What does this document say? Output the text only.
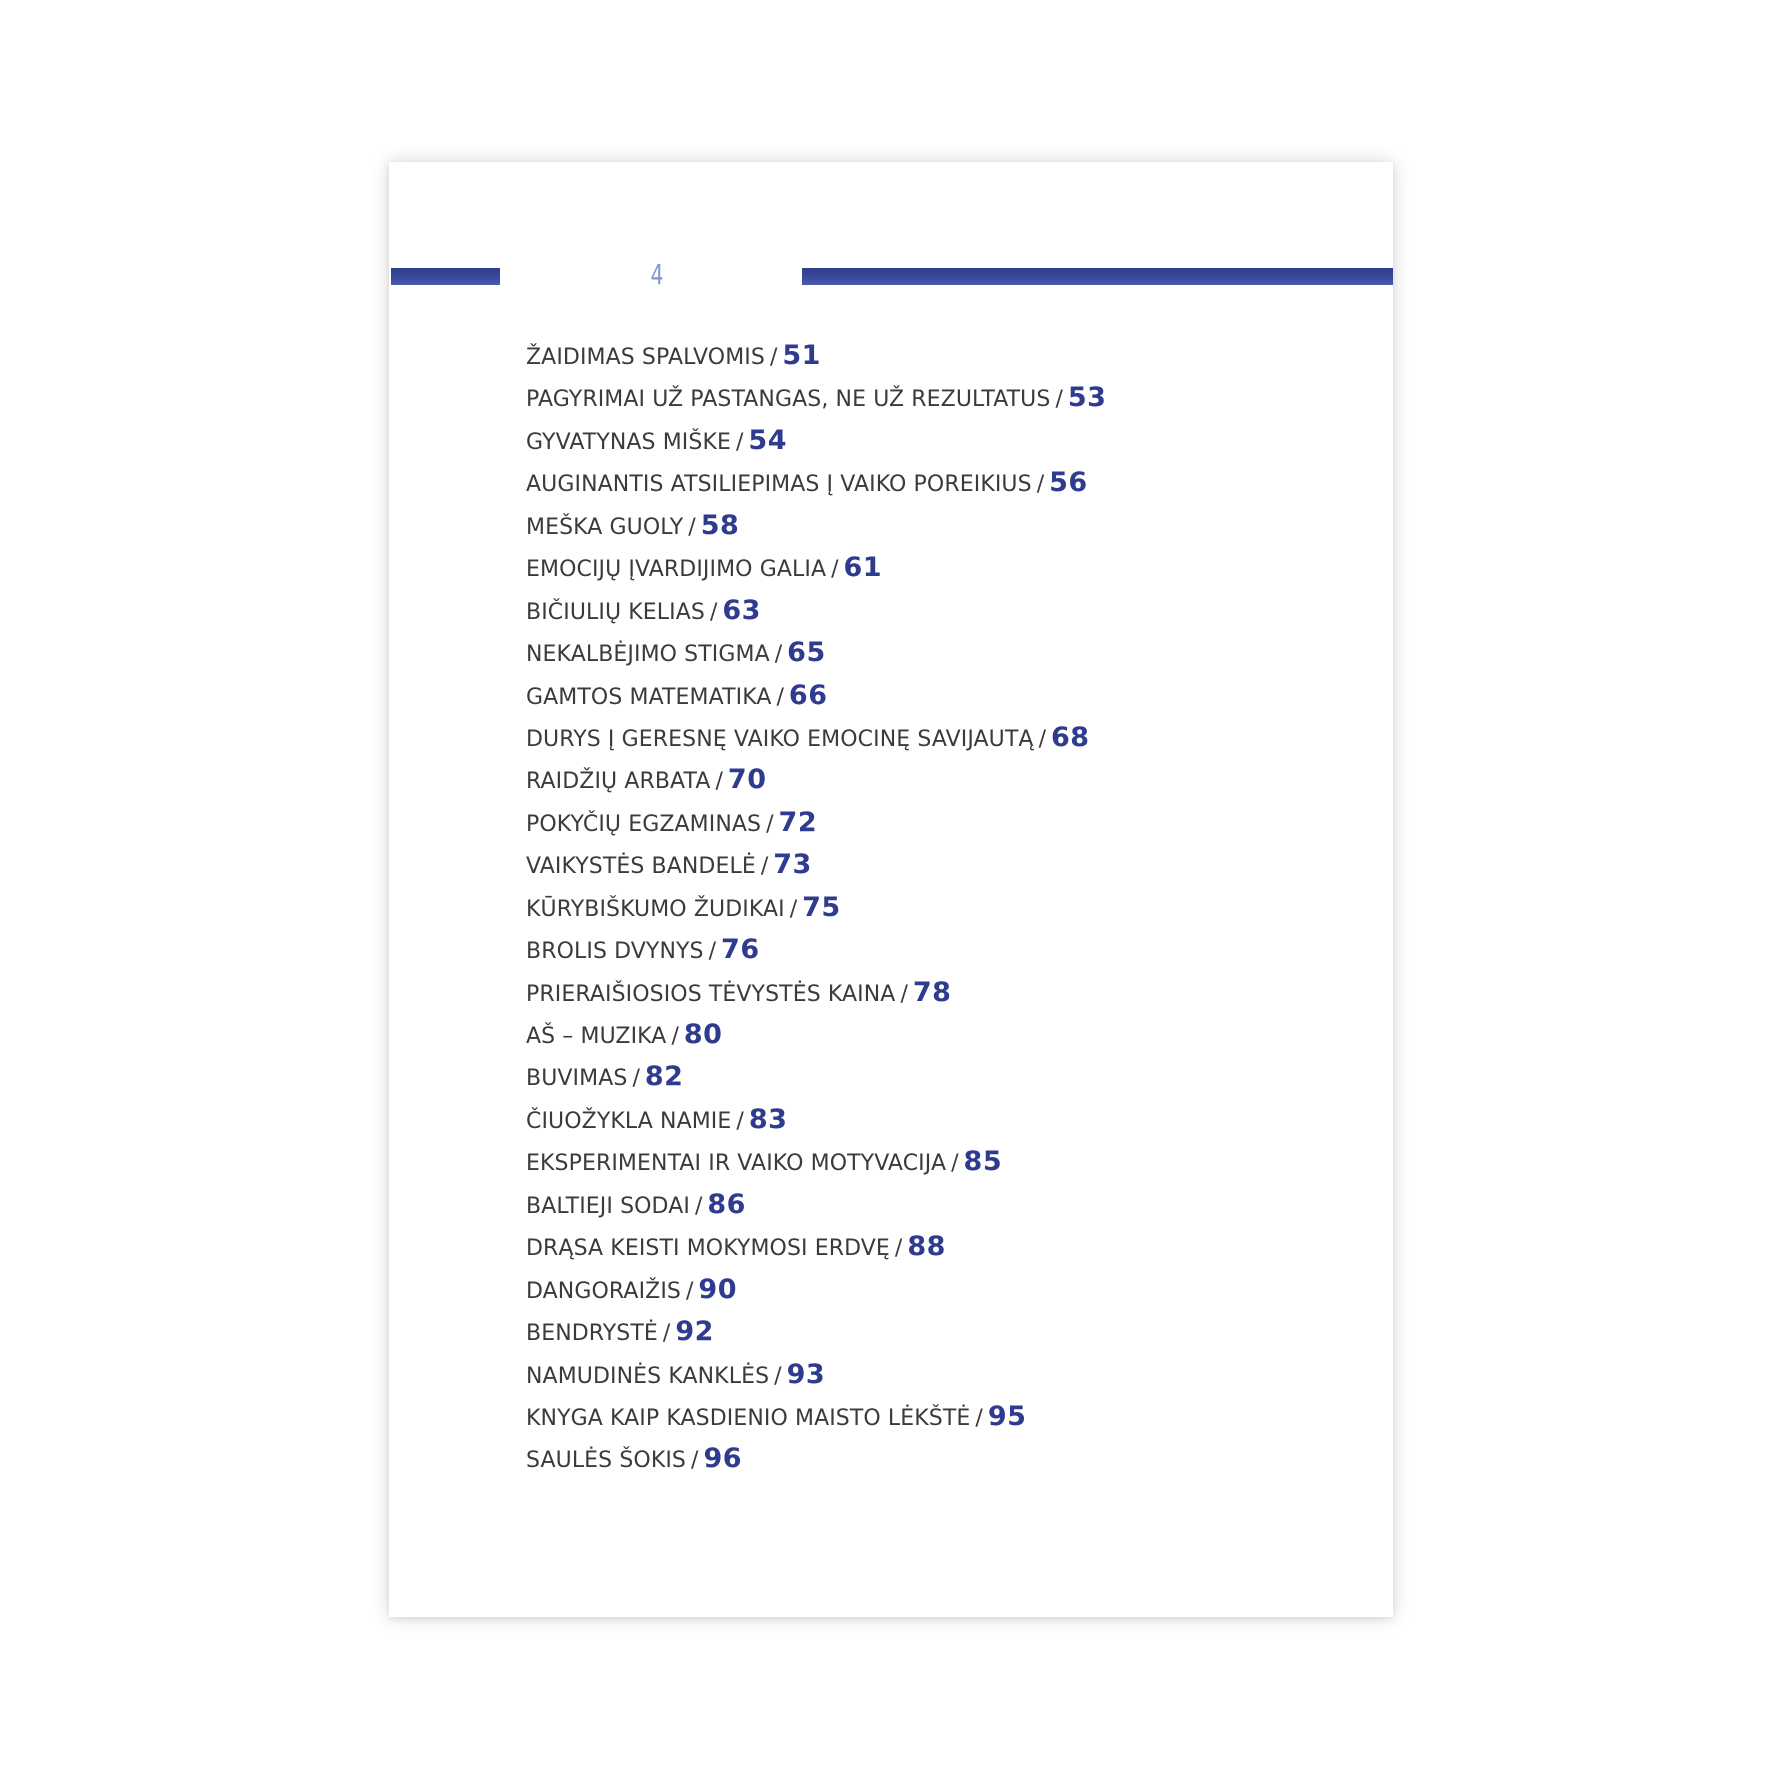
4
ŽAIDIMAS SPALVOMIS / 51
PAGYRIMAI UŽ PASTANGAS, NE UŽ REZULTATUS / 53
GYVATYNAS MIŠKE / 54
AUGINANTIS ATSILIEPIMAS Į VAIKO POREIKIUS / 56
MEŠKA GUOLY / 58
EMOCIJŲ ĮVARDIJIMO GALIA / 61
BIČIULIŲ KELIAS / 63
NEKALBĖJIMO STIGMA / 65
GAMTOS MATEMATIKA / 66
DURYS Į GERESNĘ VAIKO EMOCINĘ SAVIJAUTĄ / 68
RAIDŽIŲ ARBATA / 70
POKYČIŲ EGZAMINAS / 72
VAIKYSTĖS BANDELĖ / 73
KŪRYBIŠKUMO ŽUDIKAI / 75
BROLIS DVYNYS / 76
PRIERAIŠIOSIOS TĖVYSTĖS KAINA / 78
AŠ – MUZIKA / 80
BUVIMAS / 82
ČIUOŽYKLA NAMIE / 83
EKSPERIMENTAI IR VAIKO MOTYVACIJA / 85
BALTIEJI SODAI / 86
DRĄSA KEISTI MOKYMOSI ERDVĘ / 88
DANGORAIŽIS / 90
BENDRYSTĖ / 92
NAMUDINĖS KANKLĖS / 93
KNYGA KAIP KASDIENIO MAISTO LĖKŠTĖ / 95
SAULĖS ŠOKIS / 96
